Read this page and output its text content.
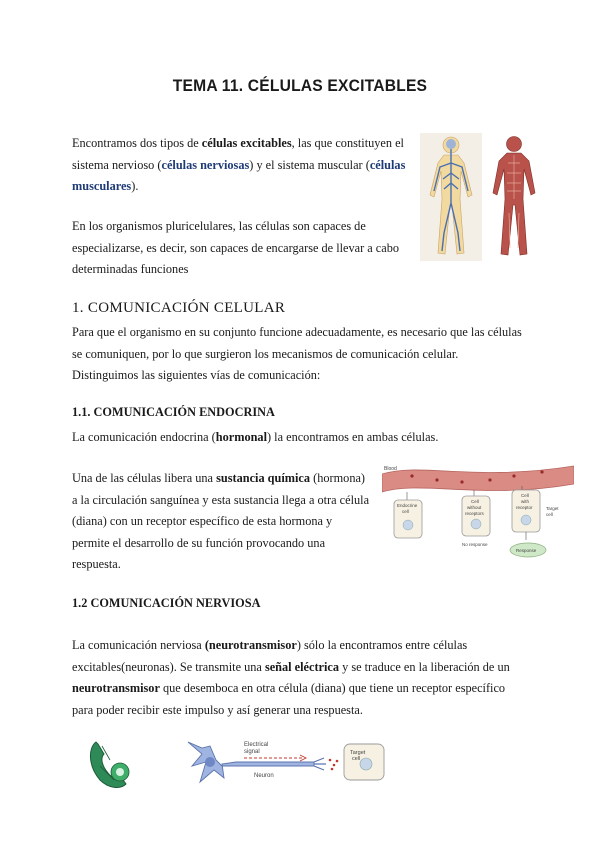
TEMA 11. CÉLULAS EXCITABLES
Encontramos dos tipos de células excitables, las que constituyen el
sistema nervioso (células nerviosas) y el sistema muscular (células
musculares).
En los organismos pluricelulares, las células son capaces de
especializarse, es decir, son capaces de encargarse de llevar a cabo
determinadas funciones
1. COMUNICACIÓN CELULAR
Para que el organismo en su conjunto funcione adecuadamente, es necesario que las células
se comuniquen, por lo que surgieron los mecanismos de comunicación celular.
Distinguimos las siguientes vías de comunicación:
1.1. COMUNICACIÓN ENDOCRINA
La comunicación endocrina (hormonal) la encontramos en ambas células.
Una de las células libera una sustancia química (hormona)
a la circulación sanguínea y esta sustancia llega a otra célula
(diana) con un receptor específico de esta hormona y
permite el desarrollo de su función provocando una
respuesta.
Blood
Endocrine
cell
Cell
without
receptors
Cell
with
receptor	Target
cell
No response
Response
1.2 COMUNICACIÓN NERVIOSA
La comunicación nerviosa (neurotransmisor) sólo la encontramos entre células
excitables(neuronas). Se transmite una señal eléctrica y se traduce en la liberación de un
neurotransmisor que desemboca en otra célula (diana) que tiene un receptor específico
para poder recibir este impulso y así generar una respuesta.
Electrical
signal
Neuron
Target
cell
